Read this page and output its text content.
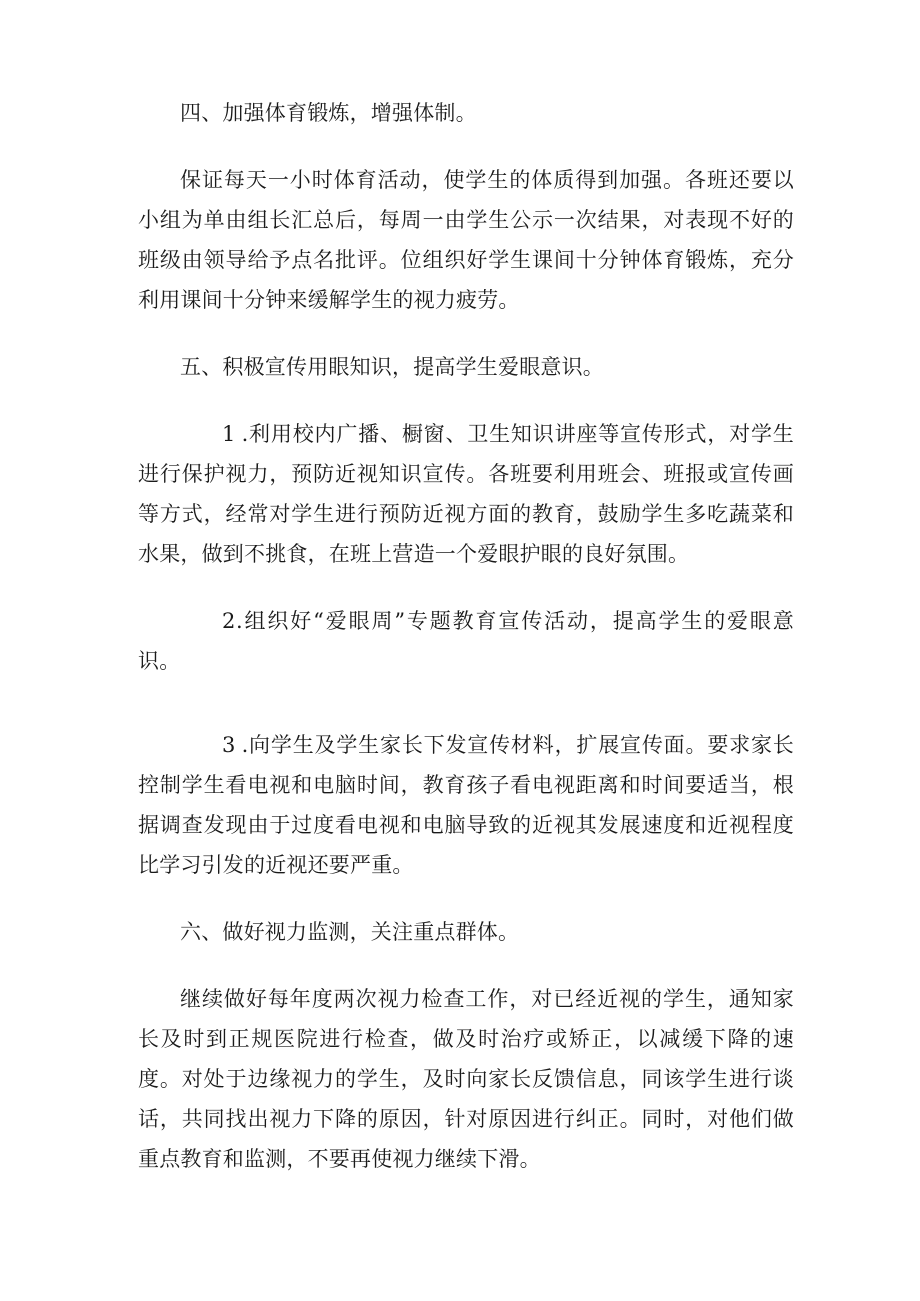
四、加强体育锻炼，增强体制。

保证每天一小时体育活动，使学生的体质得到加强。各班还要以小组为单由组长汇总后，每周一由学生公示一次结果，对表现不好的班级由领导给予点名批评。位组织好学生课间十分钟体育锻炼，充分利用课间十分钟来缓解学生的视力疲劳。

五、积极宣传用眼知识，提高学生爱眼意识。

1 .利用校内广播、橱窗、卫生知识讲座等宣传形式，对学生进行保护视力，预防近视知识宣传。各班要利用班会、班报或宣传画等方式，经常对学生进行预防近视方面的教育，鼓励学生多吃蔬菜和水果，做到不挑食，在班上营造一个爱眼护眼的良好氛围。

2.组织好“爱眼周”专题教育宣传活动，提高学生的爱眼意识。

3 .向学生及学生家长下发宣传材料，扩展宣传面。要求家长控制学生看电视和电脑时间，教育孩子看电视距离和时间要适当，根据调查发现由于过度看电视和电脑导致的近视其发展速度和近视程度比学习引发的近视还要严重。

六、做好视力监测，关注重点群体。

继续做好每年度两次视力检查工作，对已经近视的学生，通知家长及时到正规医院进行检查，做及时治疗或矫正，以减缓下降的速度。对处于边缘视力的学生，及时向家长反馈信息，同该学生进行谈话，共同找出视力下降的原因，针对原因进行纠正。同时，对他们做重点教育和监测，不要再使视力继续下滑。
